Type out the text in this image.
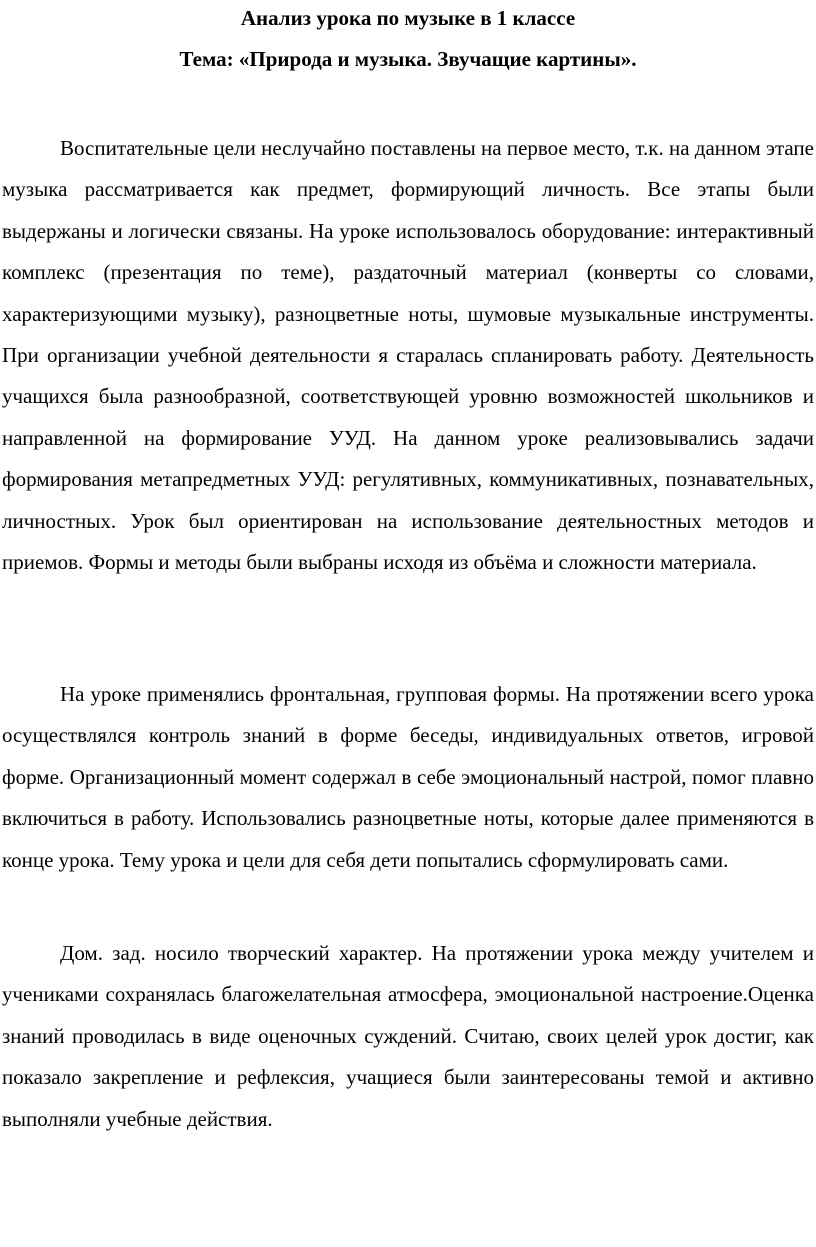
Анализ урока по музыке в 1 классе
Тема: «Природа и музыка. Звучащие картины».

Воспитательные цели неслучайно поставлены на первое место, т.к. на данном этапе музыка рассматривается как предмет, формирующий личность. Все этапы были выдержаны и логически связаны. На уроке использовалось оборудование: интерактивный комплекс (презентация по теме), раздаточный материал (конверты со словами, характеризующими музыку), разноцветные ноты, шумовые музыкальные инструменты. При организации учебной деятельности я старалась спланировать работу. Деятельность учащихся была разнообразной, соответствующей уровню возможностей школьников и направленной на формирование УУД. На данном уроке реализовывались задачи формирования метапредметных УУД: регулятивных, коммуникативных, познавательных, личностных. Урок был ориентирован на использование деятельностных методов и приемов. Формы и методы были выбраны исходя из объёма и сложности материала.

На уроке применялись фронтальная, групповая формы. На протяжении всего урока осуществлялся контроль знаний в форме беседы, индивидуальных ответов, игровой форме. Организационный момент содержал в себе эмоциональный настрой, помог плавно включиться в работу. Использовались разноцветные ноты, которые далее применяются в конце урока. Тему урока и цели для себя дети попытались сформулировать сами.

Дом. зад. носило творческий характер. На протяжении урока между учителем и учениками сохранялась благожелательная атмосфера, эмоциональной настроение.Оценка знаний проводилась в виде оценочных суждений. Считаю, своих целей урок достиг, как показало закрепление и рефлексия, учащиеся были заинтересованы темой и активно выполняли учебные действия.
